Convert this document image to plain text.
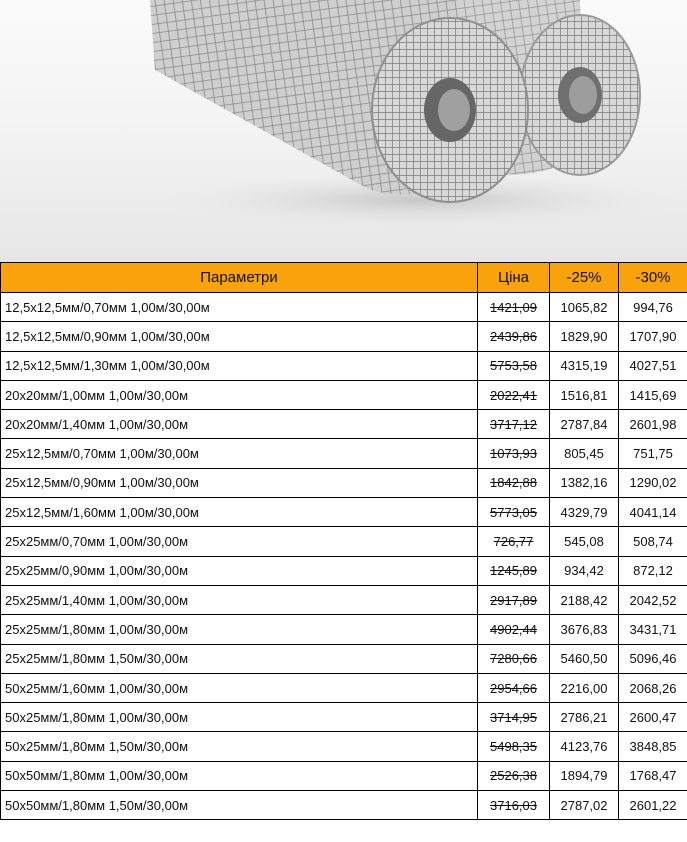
Параметри	Ціна	-25%	-30%
12,5х12,5мм/0,70мм 1,00м/30,00м	1421,09	1065,82	994,76
12,5х12,5мм/0,90мм 1,00м/30,00м	2439,86	1829,90	1707,90
12,5х12,5мм/1,30мм 1,00м/30,00м	5753,58	4315,19	4027,51
20х20мм/1,00мм 1,00м/30,00м	2022,41	1516,81	1415,69
20х20мм/1,40мм 1,00м/30,00м	3717,12	2787,84	2601,98
25х12,5мм/0,70мм 1,00м/30,00м	1073,93	805,45	751,75
25х12,5мм/0,90мм 1,00м/30,00м	1842,88	1382,16	1290,02
25х12,5мм/1,60мм 1,00м/30,00м	5773,05	4329,79	4041,14
25х25мм/0,70мм 1,00м/30,00м	726,77	545,08	508,74
25х25мм/0,90мм 1,00м/30,00м	1245,89	934,42	872,12
25х25мм/1,40мм 1,00м/30,00м	2917,89	2188,42	2042,52
25х25мм/1,80мм 1,00м/30,00м	4902,44	3676,83	3431,71
25х25мм/1,80мм 1,50м/30,00м	7280,66	5460,50	5096,46
50х25мм/1,60мм 1,00м/30,00м	2954,66	2216,00	2068,26
50х25мм/1,80мм 1,00м/30,00м	3714,95	2786,21	2600,47
50х25мм/1,80мм 1,50м/30,00м	5498,35	4123,76	3848,85
50х50мм/1,80мм 1,00м/30,00м	2526,38	1894,79	1768,47
50х50мм/1,80мм 1,50м/30,00м	3716,03	2787,02	2601,22
